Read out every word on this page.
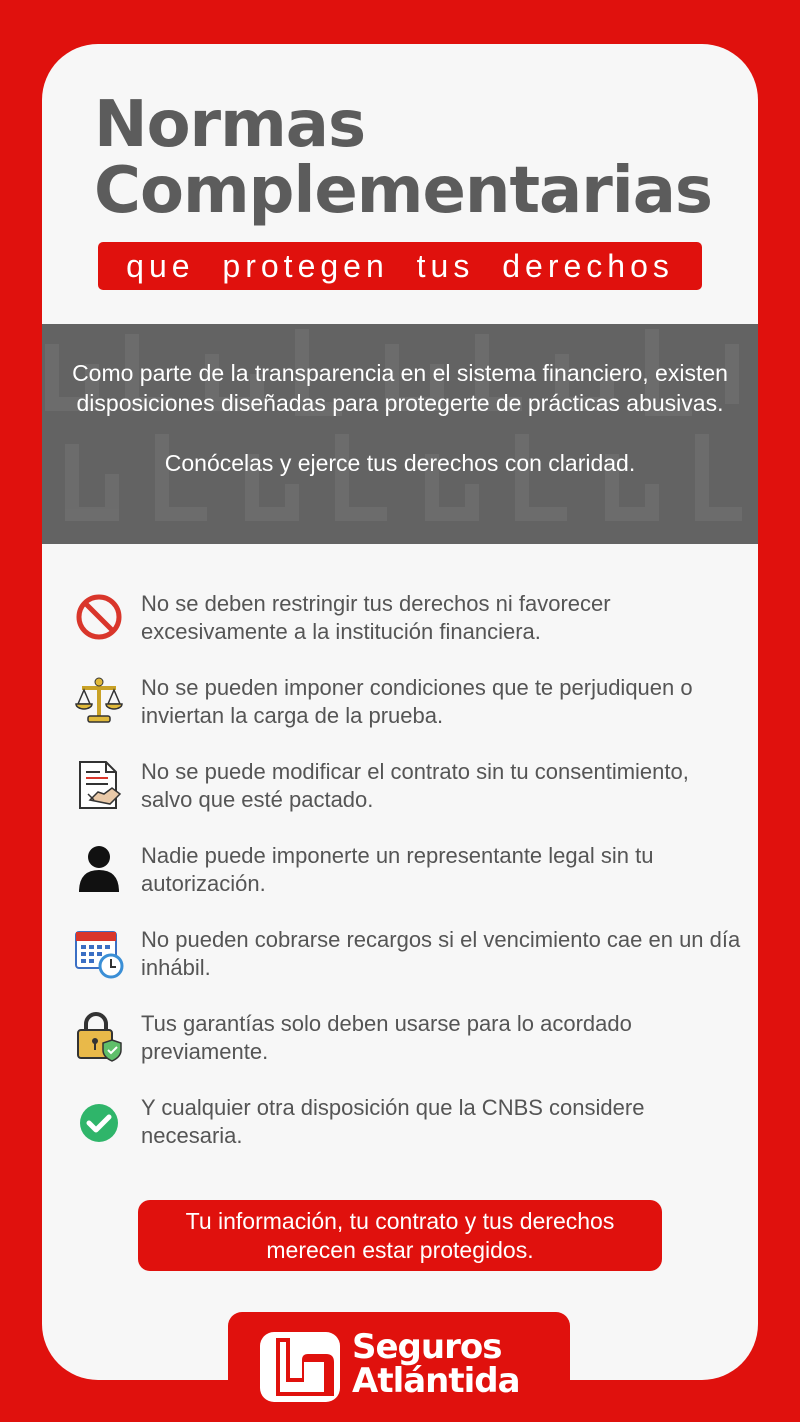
Normas
Complementarias
que protegen tus derechos

Como parte de la transparencia en el sistema financiero, existen disposiciones diseñadas para protegerte de prácticas abusivas.

Conócelas y ejerce tus derechos con claridad.

No se deben restringir tus derechos ni favorecer excesivamente a la institución financiera.
No se pueden imponer condiciones que te perjudiquen o inviertan la carga de la prueba.
No se puede modificar el contrato sin tu consentimiento, salvo que esté pactado.
Nadie puede imponerte un representante legal sin tu autorización.
No pueden cobrarse recargos si el vencimiento cae en un día inhábil.
Tus garantías solo deben usarse para lo acordado previamente.
Y cualquier otra disposición que la CNBS considere necesaria.
Tu información, tu contrato y tus derechos merecen estar protegidos.
Seguros
Atlántida
